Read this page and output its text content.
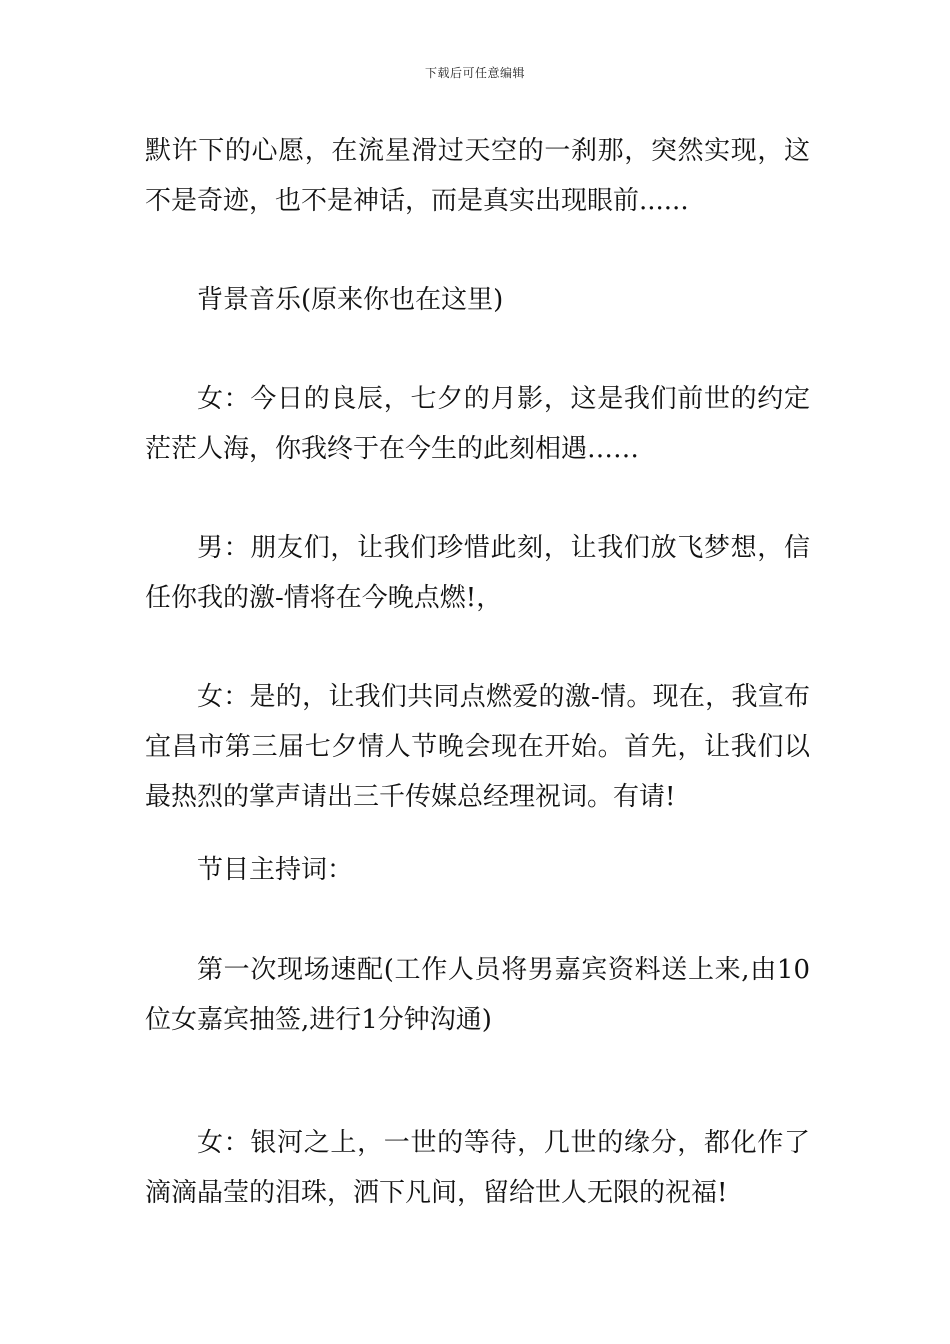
下载后可任意编辑
默许下的心愿，在流星滑过天空的一刹那，突然实现，这
不是奇迹，也不是神话，而是真实出现眼前......
背景音乐(原来你也在这里)
女：今日的良辰，七夕的月影，这是我们前世的约定
茫茫人海，你我终于在今生的此刻相遇……
男：朋友们，让我们珍惜此刻，让我们放飞梦想，信
任你我的激-情将在今晚点燃!，
女：是的，让我们共同点燃爱的激-情。现在，我宣布
宜昌市第三届七夕情人节晚会现在开始。首先，让我们以
最热烈的掌声请出三千传媒总经理祝词。有请!
节目主持词：
第一次现场速配(工作人员将男嘉宾资料送上来,由10
位女嘉宾抽签,进行1分钟沟通)
女：银河之上，一世的等待，几世的缘分，都化作了
滴滴晶莹的泪珠，洒下凡间，留给世人无限的祝福!
